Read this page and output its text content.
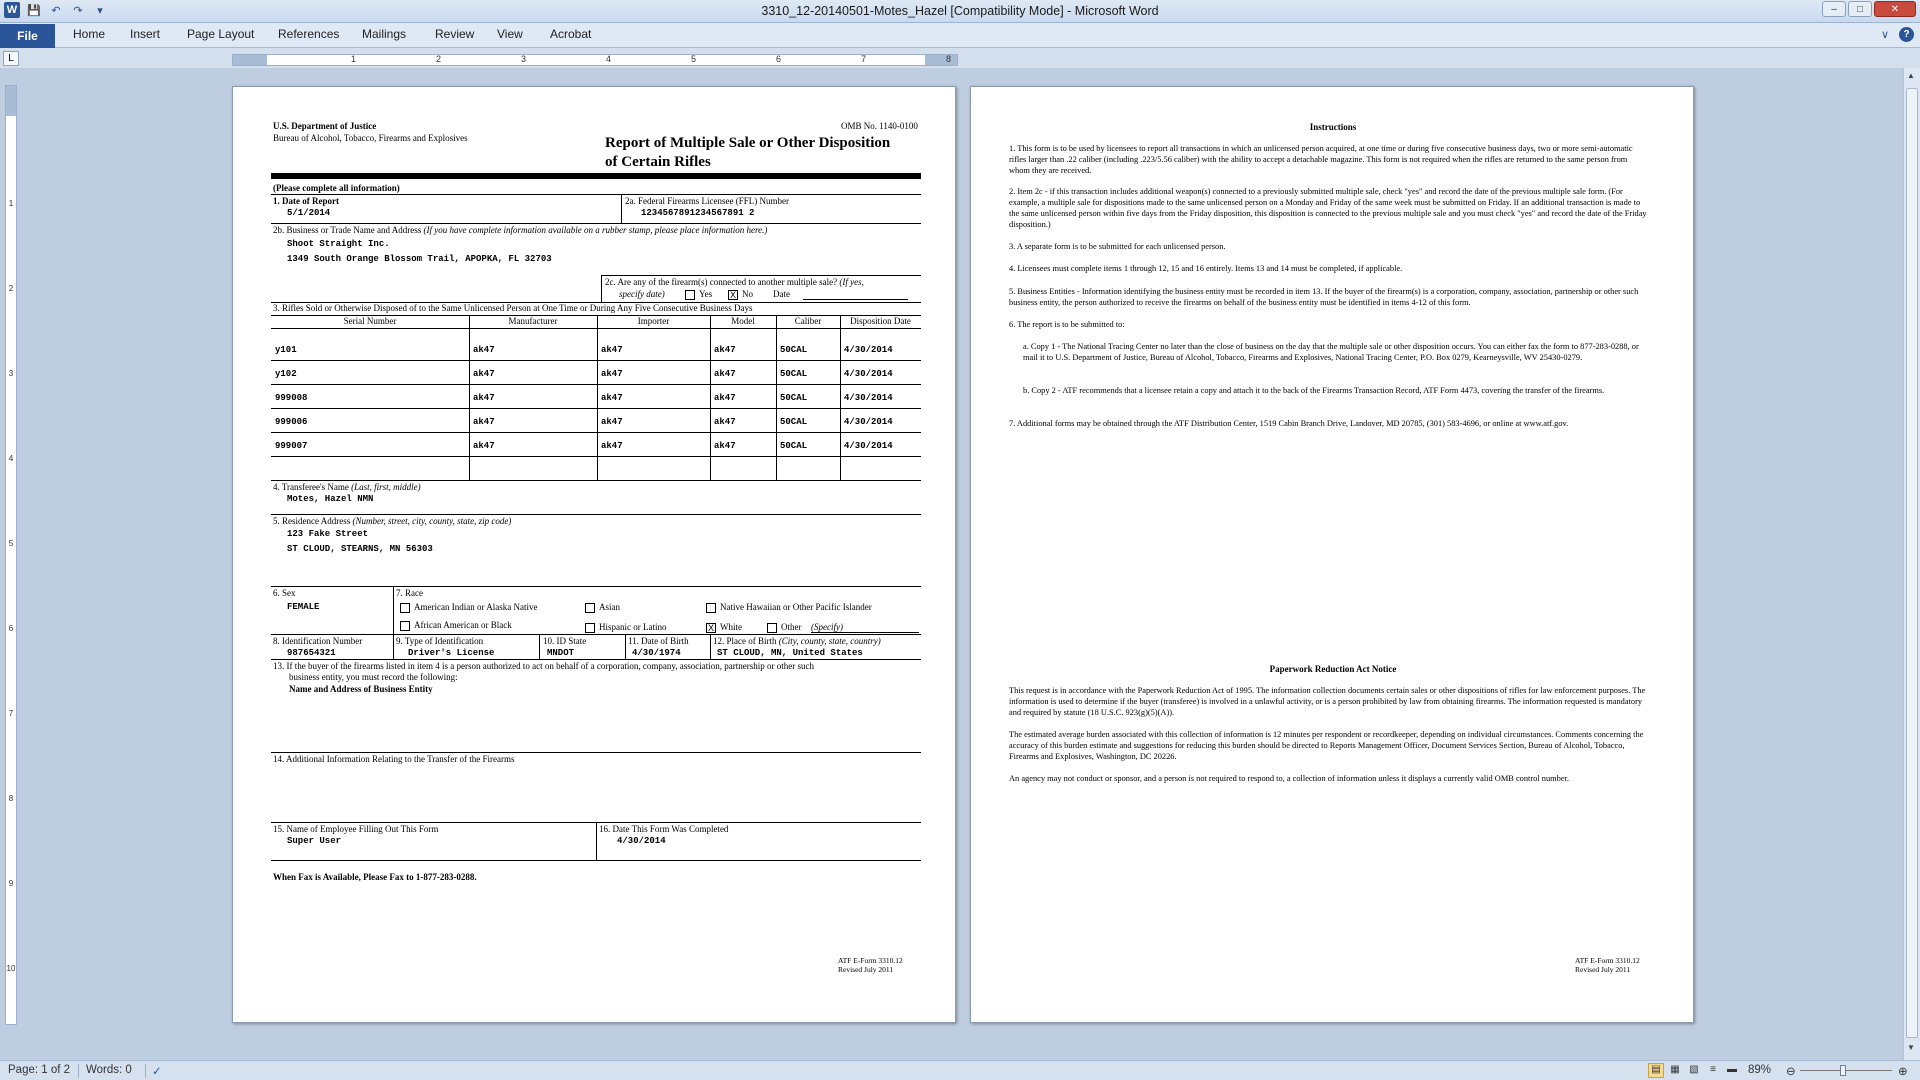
W 💾 ↶	↷	▾	3310_12-20140501-Motes_Hazel [Compatibility Mode] - Microsoft Word	–	□	✕
File	Home Insert Page Layout References Mailings Review View Acrobat	∨	?
L	1	2	3	4	5	6	7	8
1
2
3
4
5
6
7
8
9
10
▲
▼
U.S. Department of Justice
Bureau of Alcohol, Tobacco, Firearms and Explosives
OMB No. 1140-0100
Report of Multiple Sale or Other Disposition
of Certain Rifles
(Please complete all information)
1. Date of Report
5/1/2014
2a. Federal Firearms Licensee (FFL) Number
1234567891234567891 2
2b. Business or Trade Name and Address (If you have complete information available on a rubber stamp, please place information here.)
Shoot Straight Inc.
1349 South Orange Blossom Trail, APOPKA, FL 32703
2c. Are any of the firearm(s) connected to another multiple sale? (If yes,
specify date)	Yes X No Date
3. Rifles Sold or Otherwise Disposed of to the Same Unlicensed Person at One Time or During Any Five Consecutive Business Days
Serial Number	Manufacturer	Importer	Model	Caliber	Disposition Date
y101	ak47	ak47	ak47	50CAL	4/30/2014
y102	ak47	ak47	ak47	50CAL	4/30/2014
999008	ak47	ak47	ak47	50CAL	4/30/2014
999006	ak47	ak47	ak47	50CAL	4/30/2014
999007	ak47	ak47	ak47	50CAL	4/30/2014
4. Transferee's Name (Last, first, middle)
Motes, Hazel NMN
5. Residence Address (Number, street, city, county, state, zip code)
123 Fake Street
ST CLOUD, STEARNS, MN 56303
6. Sex
FEMALE
7. Race
American Indian or Alaska Native	Asian	Native Hawaiian or Other Pacific Islander
African American or Black	Hispanic or Latino	X White	Other (Specify)
8. Identification Number
987654321
9. Type of Identification
Driver's License
10. ID State
MNDOT
11. Date of Birth
4/30/1974
12. Place of Birth (City, county, state, country)
ST CLOUD, MN, United States
13. If the buyer of the firearms listed in item 4 is a person authorized to act on behalf of a corporation, company, association, partnership or other such
business entity, you must record the following:
Name and Address of Business Entity
14. Additional Information Relating to the Transfer of the Firearms
15. Name of Employee Filling Out This Form
Super User
16. Date This Form Was Completed
4/30/2014
When Fax is Available, Please Fax to 1-877-283-0288.
ATF E-Form 3310.12
Revised July 2011
Instructions
1. This form is to be used by licensees to report all transactions in which an unlicensed person acquired, at one time or during five consecutive business days, two or more semi-automatic rifles larger than .22 caliber (including .223/5.56 caliber) with the ability to accept a detachable magazine. This form is not required when the rifles are returned to the same person from whom they are received.
2. Item 2c - if this transaction includes additional weapon(s) connected to a previously submitted multiple sale, check "yes" and record the date of the previous multiple sale form. (For example, a multiple sale for dispositions made to the same unlicensed person on a Monday and Friday of the same week must be submitted on Friday. If an additional transaction is made to the same unlicensed person within five days from the Friday disposition, this disposition is connected to the previous multiple sale and you must check "yes" and record the date of the Friday disposition.)
3. A separate form is to be submitted for each unlicensed person.
4. Licensees must complete items 1 through 12, 15 and 16 entirely. Items 13 and 14 must be completed, if applicable.
5. Business Entities - Information identifying the business entity must be recorded in item 13. If the buyer of the firearm(s) is a corporation, company, association, partnership or other such business entity, the person authorized to receive the firearms on behalf of the business entity must be identified in items 4-12 of this form.
6. The report is to be submitted to:
a. Copy 1 - The National Tracing Center no later than the close of business on the day that the multiple sale or other disposition occurs. You can either fax the form to 877-283-0288, or mail it to U.S. Department of Justice, Bureau of Alcohol, Tobacco, Firearms and Explosives, National Tracing Center, P.O. Box 0279, Kearneysville, WV 25430-0279.
b. Copy 2 - ATF recommends that a licensee retain a copy and attach it to the back of the Firearms Transaction Record, ATF Form 4473, covering the transfer of the firearms.
7. Additional forms may be obtained through the ATF Distribution Center, 1519 Cabin Branch Drive, Landover, MD 20785, (301) 583-4696, or online at www.atf.gov.
Paperwork Reduction Act Notice
This request is in accordance with the Paperwork Reduction Act of 1995. The information collection documents certain sales or other dispositions of rifles for law enforcement purposes. The information is used to determine if the buyer (transferee) is involved in a unlawful activity, or is a person prohibited by law from obtaining firearms. The information requested is mandatory and required by statute (18 U.S.C. 923(g)(5)(A)).
The estimated average burden associated with this collection of information is 12 minutes per respondent or recordkeeper, depending on individual circumstances. Comments concerning the accuracy of this burden estimate and suggestions for reducing this burden should be directed to Reports Management Officer, Document Services Section, Bureau of Alcohol, Tobacco, Firearms and Explosives, Washington, DC 20226.
An agency may not conduct or sponsor, and a person is not required to respond to, a collection of information unless it displays a currently valid OMB control number.
ATF E-Form 3310.12
Revised July 2011
Page: 1 of 2 Words: 0 ✓	▤ ▦ ▧	≡	▬ 89% ⊖	⊕
